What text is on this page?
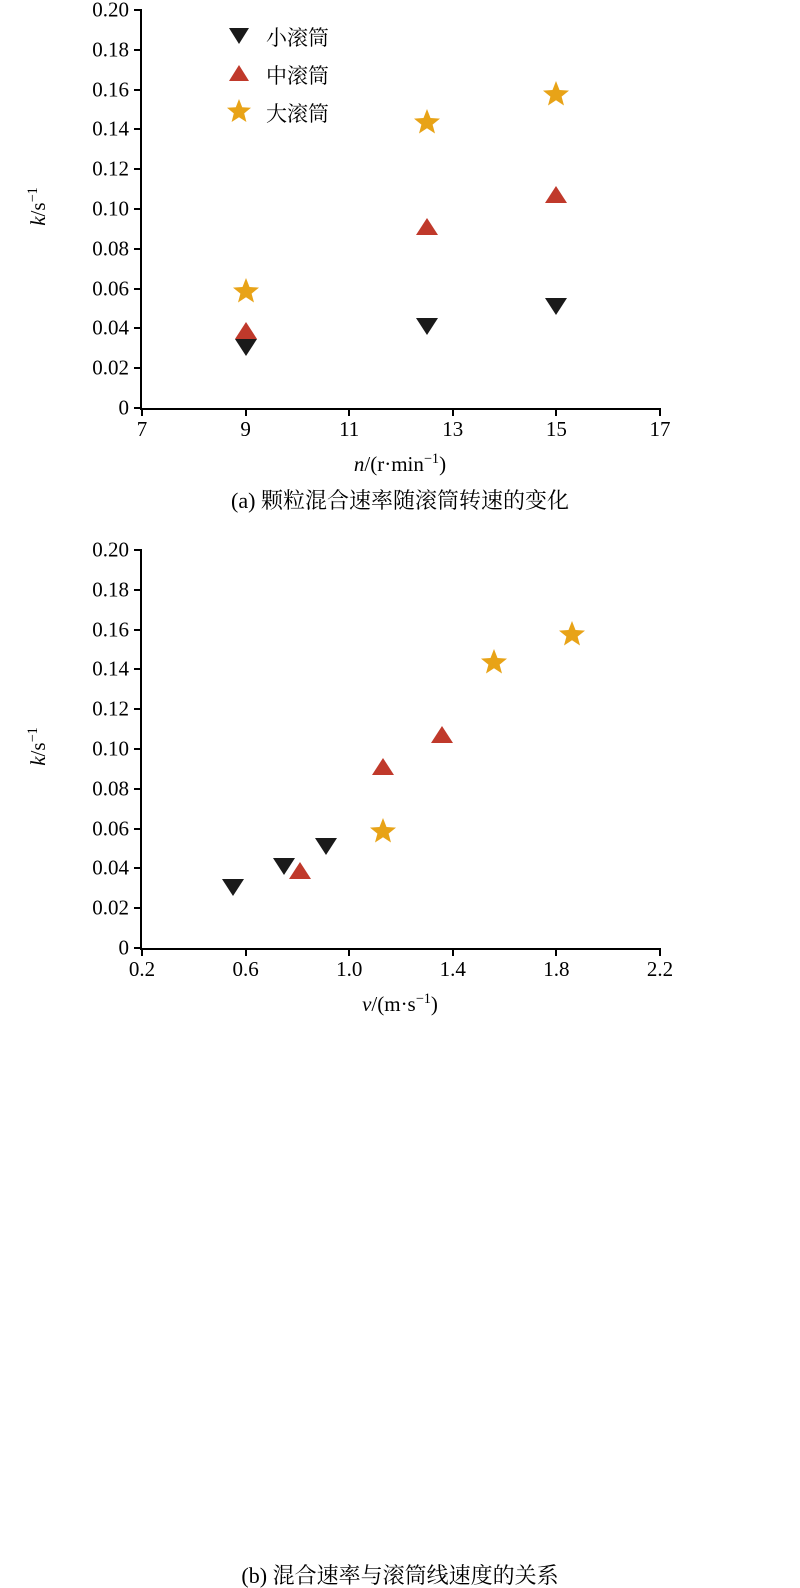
0
0.02
0.04
0.06
0.08
0.10
0.12
0.14
0.16
0.18
0.20
7	9	11	13	15	17
小滚筒
中滚筒
大滚筒
$k/s^{-1}$
$n/(r\cdot\min^{-1})$
(a) 颗粒混合速率随滚筒转速的变化
0
0.02
0.04
0.06
0.08
0.10
0.12
0.14
0.16
0.18
0.20
0.2	0.6	1.0	1.4	1.8	2.2
$k/s^{-1}$
$v/(m\cdot s^{-1})$
(b) 混合速率与滚筒线速度的关系
